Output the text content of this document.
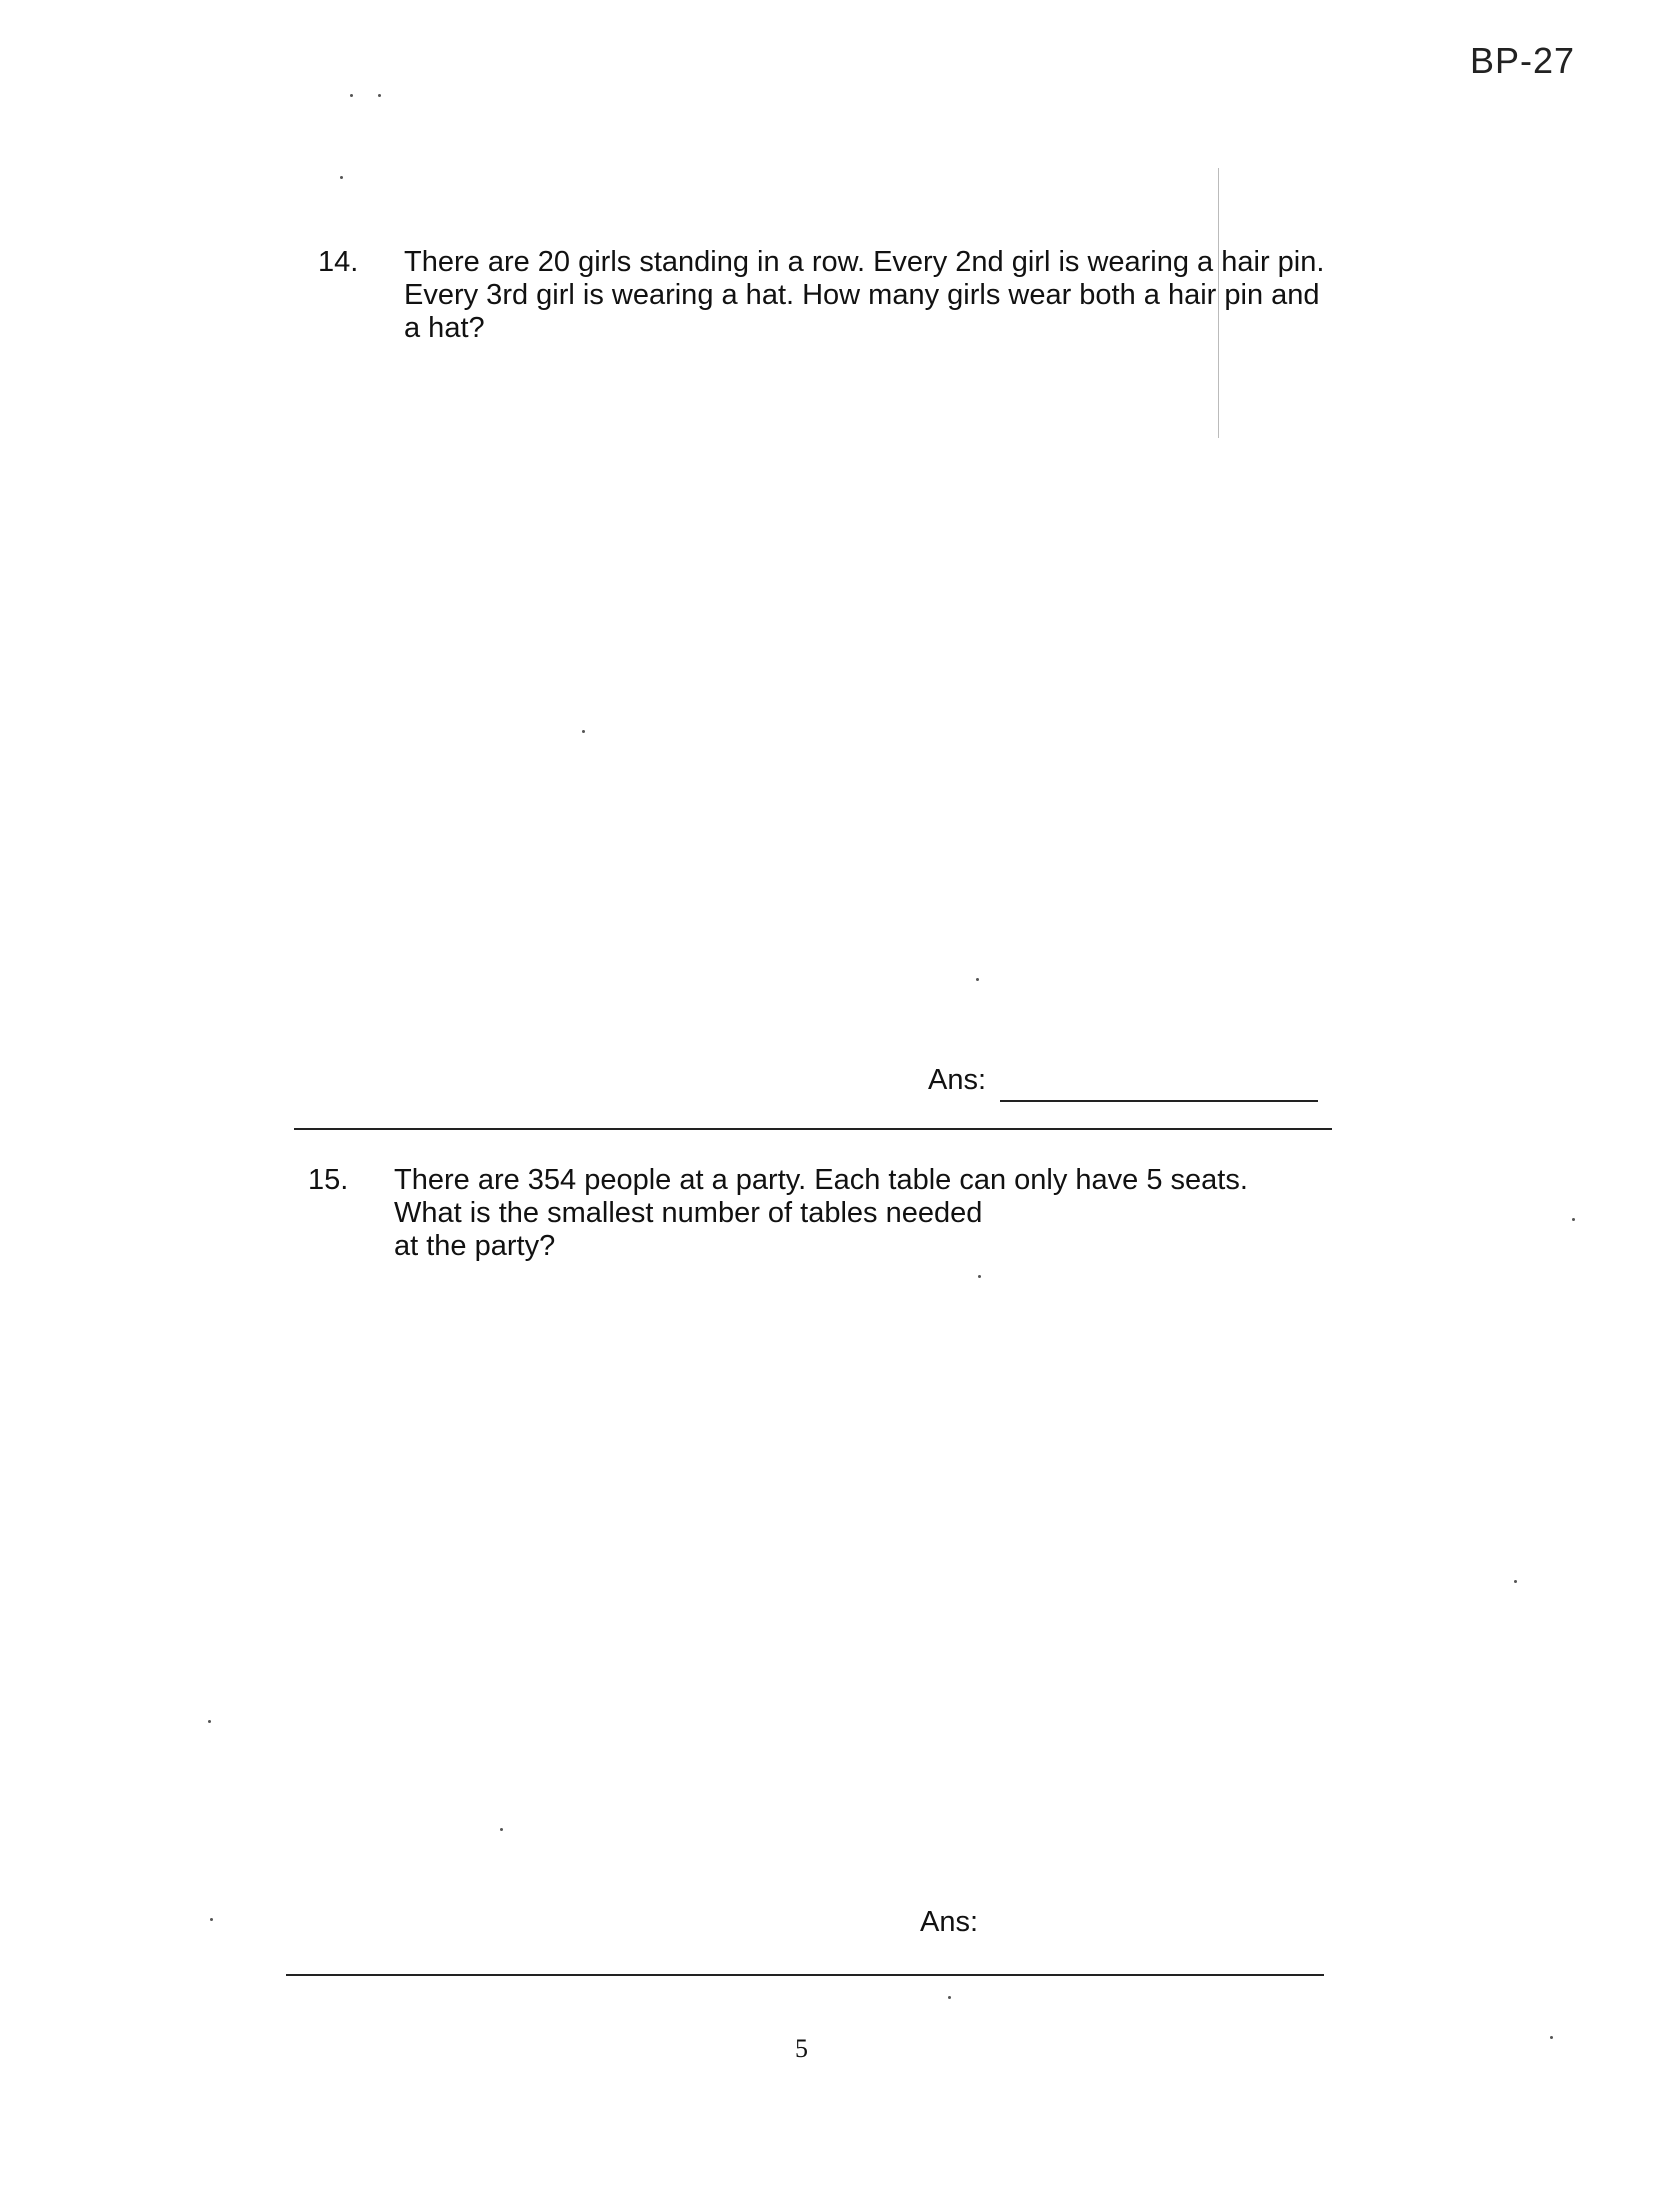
BP-27
14. There are 20 girls standing in a row. Every 2nd girl is wearing a hair pin.
Every 3rd girl is wearing a hat. How many girls wear both a hair pin and
a hat?
Ans:
15. There are 354 people at a party. Each table can only have 5 seats.
What is the smallest number of tables needed
at the party?
Ans:
5
